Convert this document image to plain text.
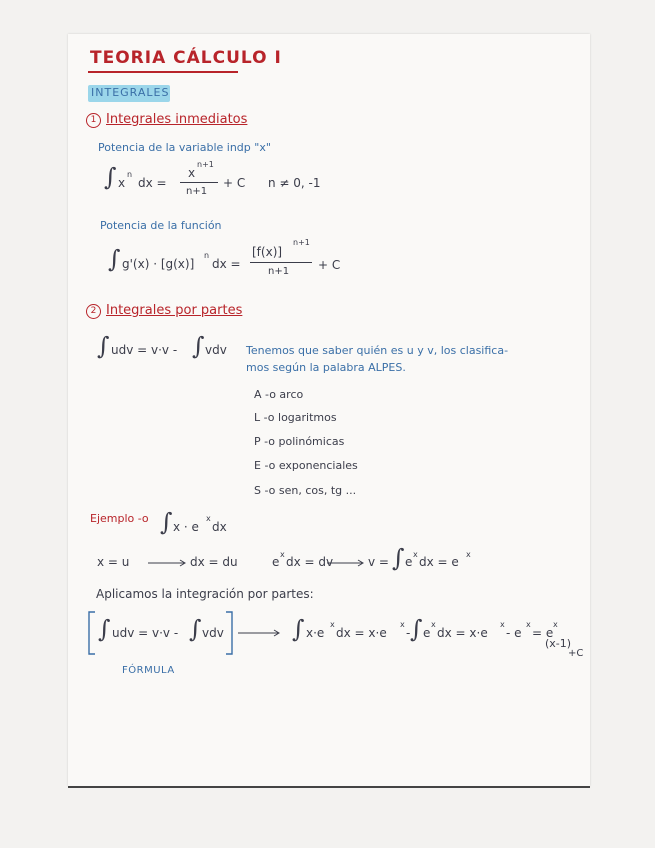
TEORIA CÁLCULO I
INTEGRALES
1 Integrales inmediatos
Potencia de la variable indp "x"
∫ x
n
dx =
x
n+1
n+1
+ C n ≠ 0, -1
Potencia de la función
∫ g'(x) · [g(x)]
n
dx =
[f(x)]
n+1
n+1 + C
2 Integrales por partes
∫ udv = v·v - ∫ vdv Tenemos que saber quién es u y v, los clasifica-
mos según la palabra ALPES.
A -o arco
L -o logaritmos
P -o polinómicas
E -o exponenciales
S -o sen, cos, tg ...
Ejemplo -o ∫ x · e
x
dx
x = u	dx = du	e
x
dx = dv	v = ∫ e
x
dx = e
x
Aplicamos la integración por partes:
∫ udv = v·v - ∫ vdv	∫ x·e
x
dx = x·e
x
- ∫ e
x
dx = x·e
x
- e
x
= e
x
(x-1)
+C
FÓRMULA
